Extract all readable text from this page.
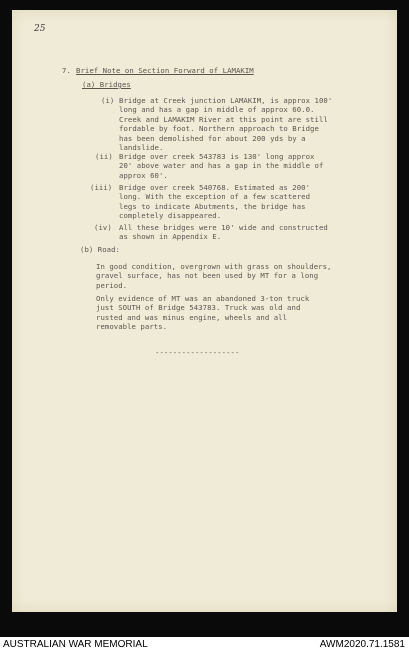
25
7. Brief Note on Section Forward of LAMAKIM
(a) Bridges
(i) Bridge at Creek junction LAMAKIM, is approx 100'
long and has a gap in middle of approx 60.0.
Creek and LAMAKIM River at this point are still
fordable by foot. Northern approach to Bridge
has been demolished for about 200 yds by a
landslide.
(ii) Bridge over creek 543783 is 130' long approx
20' above water and has a gap in the middle of
approx 60'.
(iii) Bridge over creek 540768. Estimated as 200'
long. With the exception of a few scattered
legs to indicate Abutments, the bridge has
completely disappeared.
(iv) All these bridges were 10' wide and constructed
as shown in Appendix E.
(b) Road:
In good condition, overgrown with grass on shoulders,
gravel surface, has not been used by MT for a long
period.
Only evidence of MT was an abandoned 3-ton truck
just SOUTH of Bridge 543783. Truck was old and
rusted and was minus engine, wheels and all
removable parts.
-------------------
AUSTRALIAN WAR MEMORIAL	AWM2020.71.1581
